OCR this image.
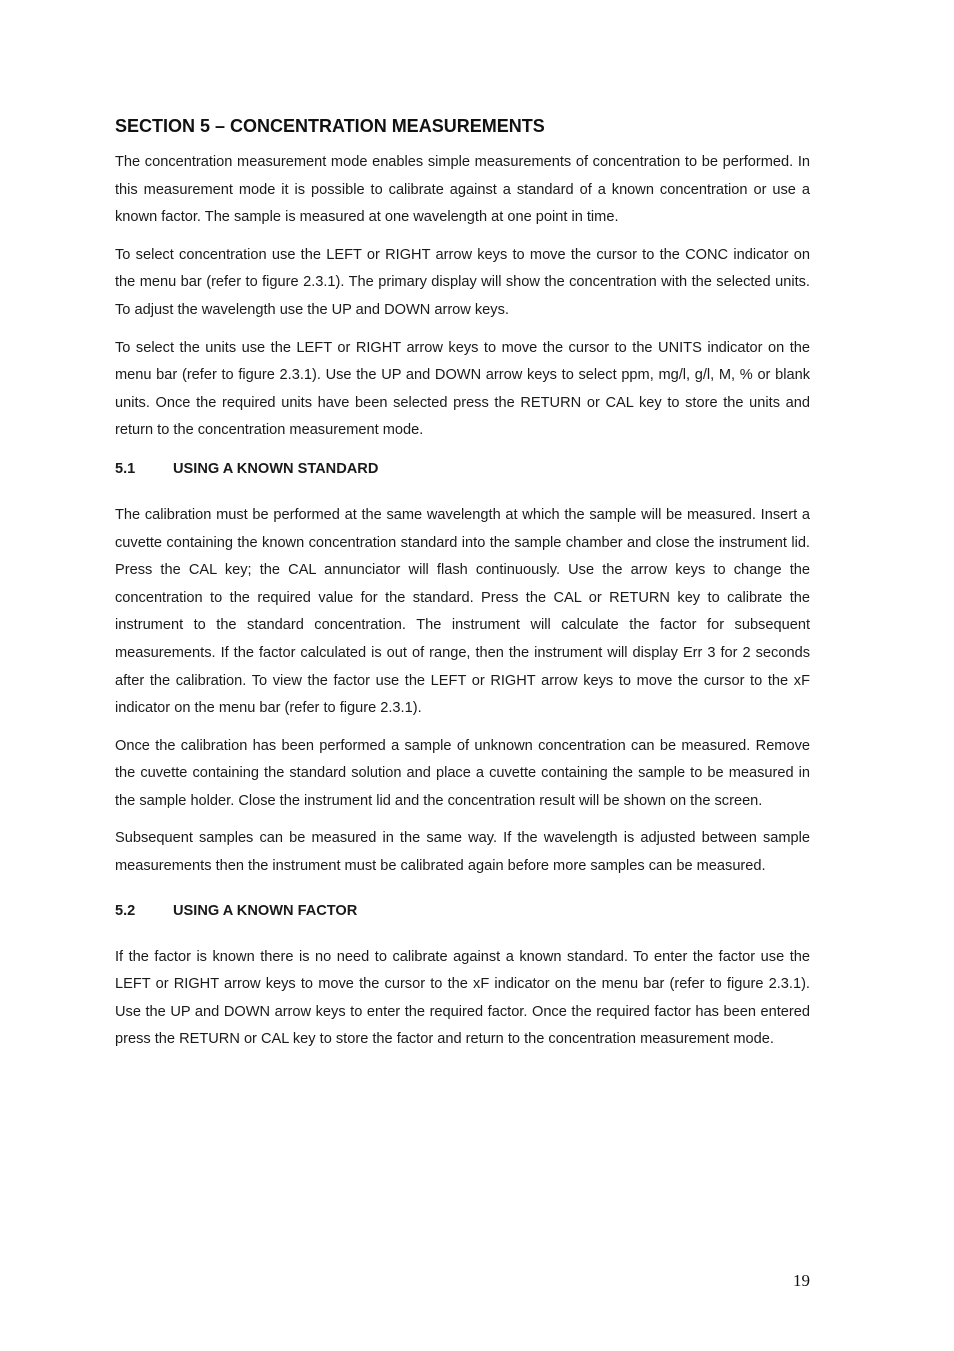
SECTION 5 – CONCENTRATION MEASUREMENTS

The concentration measurement mode enables simple measurements of concentration to be performed. In this measurement mode it is possible to calibrate against a standard of a known concentration or use a known factor. The sample is measured at one wavelength at one point in time.

To select concentration use the LEFT or RIGHT arrow keys to move the cursor to the CONC indicator on the menu bar (refer to figure 2.3.1). The primary display will show the concentration with the selected units. To adjust the wavelength use the UP and DOWN arrow keys.

To select the units use the LEFT or RIGHT arrow keys to move the cursor to the UNITS indicator on the menu bar (refer to figure 2.3.1). Use the UP and DOWN arrow keys to select ppm, mg/l, g/l, M, % or blank units. Once the required units have been selected press the RETURN or CAL key to store the units and return to the concentration measurement mode.

5.1	USING A KNOWN STANDARD

The calibration must be performed at the same wavelength at which the sample will be measured. Insert a cuvette containing the known concentration standard into the sample chamber and close the instrument lid. Press the CAL key; the CAL annunciator will flash continuously. Use the arrow keys to change the concentration to the required value for the standard. Press the CAL or RETURN key to calibrate the instrument to the standard concentration. The instrument will calculate the factor for subsequent measurements. If the factor calculated is out of range, then the instrument will display Err 3 for 2 seconds after the calibration. To view the factor use the LEFT or RIGHT arrow keys to move the cursor to the xF indicator on the menu bar (refer to figure 2.3.1).

Once the calibration has been performed a sample of unknown concentration can be measured. Remove the cuvette containing the standard solution and place a cuvette containing the sample to be measured in the sample holder. Close the instrument lid and the concentration result will be shown on the screen.

Subsequent samples can be measured in the same way. If the wavelength is adjusted between sample measurements then the instrument must be calibrated again before more samples can be measured.

5.2	USING A KNOWN FACTOR

If the factor is known there is no need to calibrate against a known standard. To enter the factor use the LEFT or RIGHT arrow keys to move the cursor to the xF indicator on the menu bar (refer to figure 2.3.1). Use the UP and DOWN arrow keys to enter the required factor. Once the required factor has been entered press the RETURN or CAL key to store the factor and return to the concentration measurement mode.

19
